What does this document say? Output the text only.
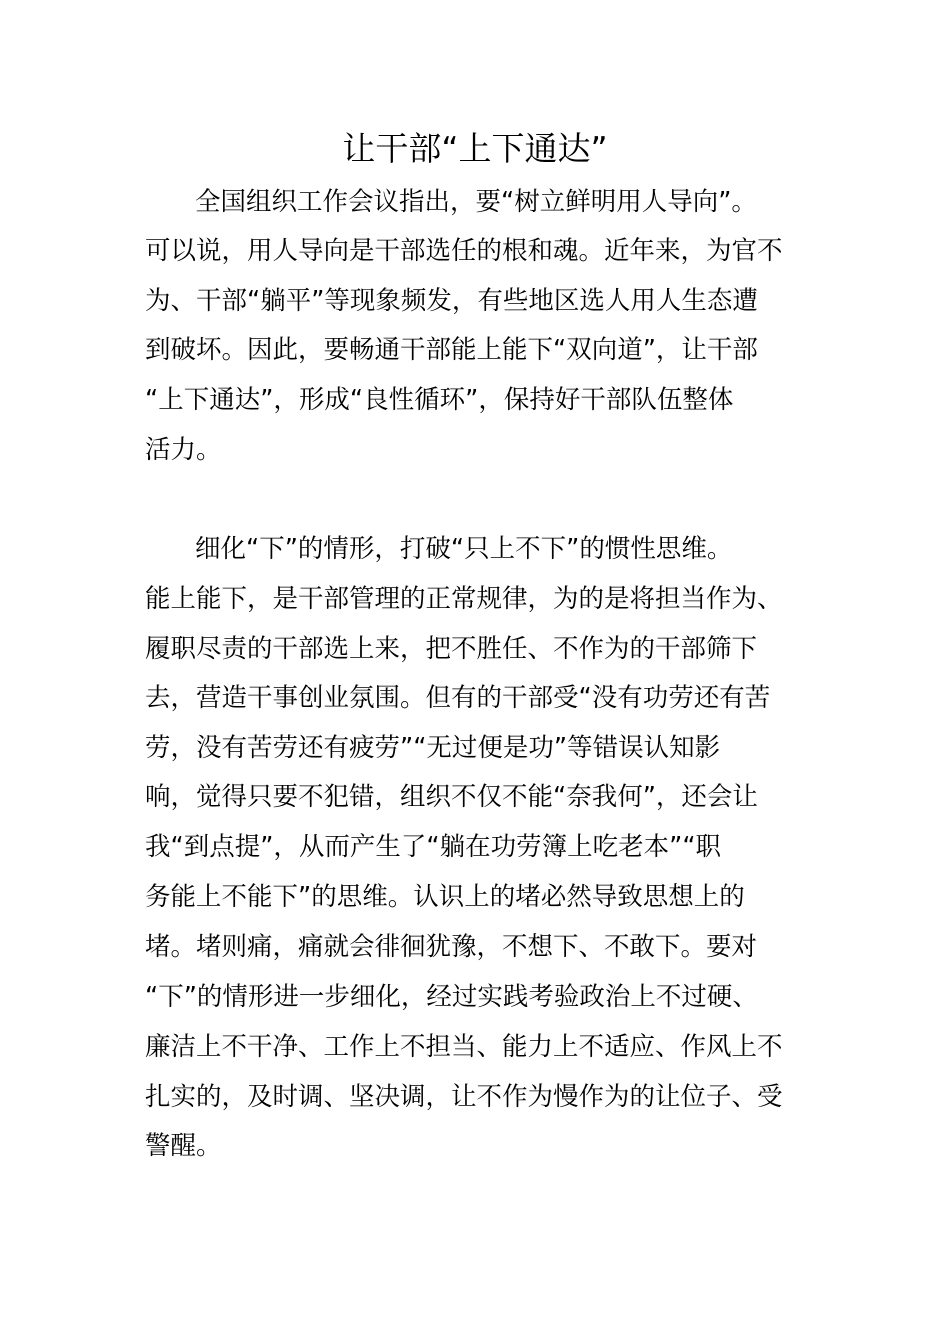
让干部“上下通达”

全国组织工作会议指出，要“树立鲜明用人导向”。

可以说，用人导向是干部选任的根和魂。近年来，为官不

为、干部“躺平”等现象频发，有些地区选人用人生态遭

到破坏。因此，要畅通干部能上能下“双向道”，让干部

“上下通达”，形成“良性循环”，保持好干部队伍整体

活力。

细化“下”的情形，打破“只上不下”的惯性思维。

能上能下，是干部管理的正常规律，为的是将担当作为、

履职尽责的干部选上来，把不胜任、不作为的干部筛下

去，营造干事创业氛围。但有的干部受“没有功劳还有苦

劳，没有苦劳还有疲劳”“无过便是功”等错误认知影

响，觉得只要不犯错，组织不仅不能“奈我何”，还会让

我“到点提”，从而产生了“躺在功劳簿上吃老本”“职

务能上不能下”的思维。认识上的堵必然导致思想上的

堵。堵则痛，痛就会徘徊犹豫，不想下、不敢下。要对

“下”的情形进一步细化，经过实践考验政治上不过硬、

廉洁上不干净、工作上不担当、能力上不适应、作风上不

扎实的，及时调、坚决调，让不作为慢作为的让位子、受

警醒。
